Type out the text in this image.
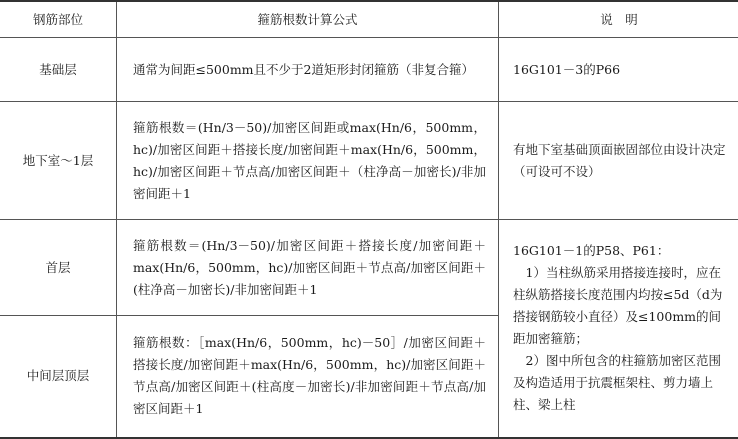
钢筋部位	箍筋根数计算公式	说　明
基础层	通常为间距≤500mm且不少于2道矩形封闭箍筋（非复合箍）	16G101－3的P66
地下室～1层	箍筋根数＝(Hn/3－50)/加密区间距或max(Hn/6，500mm，hc)/加密区间距＋搭接长度/加密间距＋max(Hn/6，500mm，hc)/加密区间距＋节点高/加密区间距＋（柱净高－加密长)/非加密间距＋1	有地下室基础顶面嵌固部位由设计决定（可设可不设）
首层	箍筋根数＝(Hn/3－50)/加密区间距＋搭接长度/加密间距＋max(Hn/6，500mm，hc)/加密区间距＋节点高/加密区间距＋(柱净高－加密长)/非加密间距＋1	16G101－1的P58、P61：
1）当柱纵筋采用搭接连接时，应在柱纵筋搭接长度范围内均按≤5d（d为搭接钢筋较小直径）及≤100mm的间距加密箍筋；
2）图中所包含的柱箍筋加密区范围及构造适用于抗震框架柱、剪力墙上柱、梁上柱

中间层顶层	箍筋根数：［max(Hn/6，500mm，hc)－50］/加密区间距＋搭接长度/加密间距＋max(Hn/6，500mm，hc)/加密区间距＋节点高/加密区间距＋(柱高度－加密长)/非加密间距＋节点高/加密区间距＋1	
